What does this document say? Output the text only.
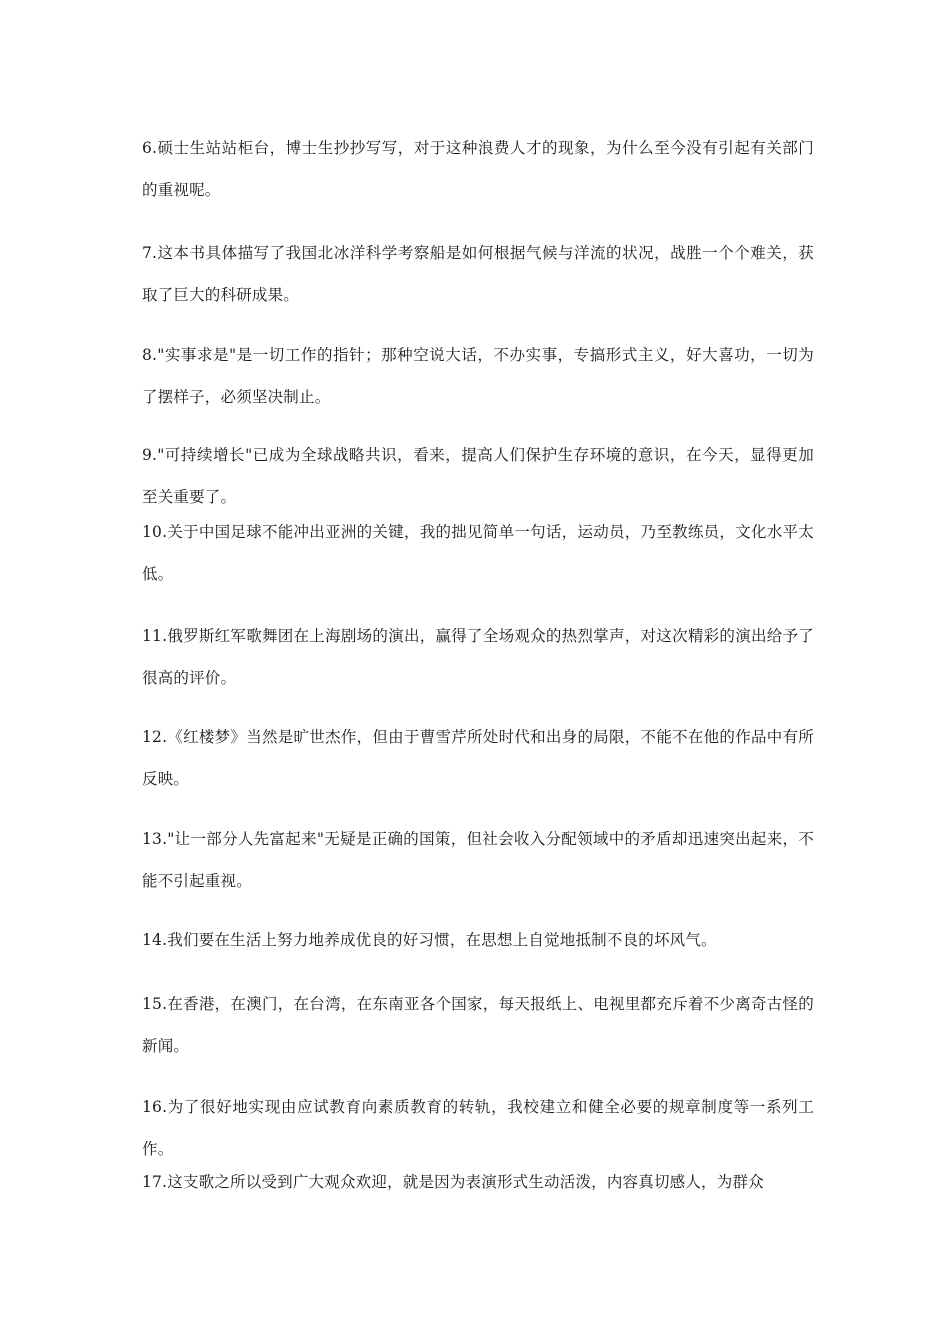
6.硕士生站站柜台，博士生抄抄写写，对于这种浪费人才的现象，为什么至今没有引起有关部门的重视呢。

7.这本书具体描写了我国北冰洋科学考察船是如何根据气候与洋流的状况，战胜一个个难关，获取了巨大的科研成果。

8."实事求是"是一切工作的指针；那种空说大话，不办实事，专搞形式主义，好大喜功，一切为了摆样子，必须坚决制止。

9."可持续增长"已成为全球战略共识，看来，提高人们保护生存环境的意识，在今天，显得更加至关重要了。

10.关于中国足球不能冲出亚洲的关键，我的拙见简单一句话，运动员，乃至教练员，文化水平太低。

11.俄罗斯红军歌舞团在上海剧场的演出，赢得了全场观众的热烈掌声，对这次精彩的演出给予了很高的评价。

12.《红楼梦》当然是旷世杰作，但由于曹雪芹所处时代和出身的局限，不能不在他的作品中有所反映。

13."让一部分人先富起来"无疑是正确的国策，但社会收入分配领域中的矛盾却迅速突出起来，不能不引起重视。

14.我们要在生活上努力地养成优良的好习惯，在思想上自觉地抵制不良的坏风气。

15.在香港，在澳门，在台湾，在东南亚各个国家，每天报纸上、电视里都充斥着不少离奇古怪的新闻。

16.为了很好地实现由应试教育向素质教育的转轨，我校建立和健全必要的规章制度等一系列工作。

17.这支歌之所以受到广大观众欢迎，就是因为表演形式生动活泼，内容真切感人，为群众
